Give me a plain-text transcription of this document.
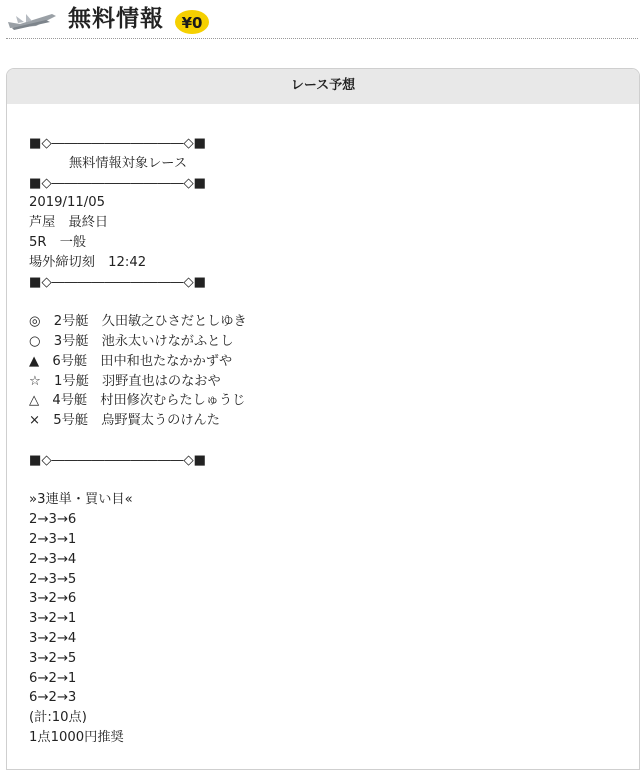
無料情報 ¥0
レース予想
■◇――――――――――◇■
無料情報対象レース
■◇――――――――――◇■
2019/11/05
芦屋　最終日
5R　一般
場外締切刻　12:42
■◇――――――――――◇■
◎　2号艇　久田敏之ひさだとしゆき
○　3号艇　池永太いけながふとし
▲　6号艇　田中和也たなかかずや
☆　1号艇　羽野直也はのなおや
△　4号艇　村田修次むらたしゅうじ
×　5号艇　烏野賢太うのけんた
■◇――――――――――◇■
»3連単・買い目«
2→3→6
2→3→1
2→3→4
2→3→5
3→2→6
3→2→1
3→2→4
3→2→5
6→2→1
6→2→3
(計:10点)
1点1000円推奨
